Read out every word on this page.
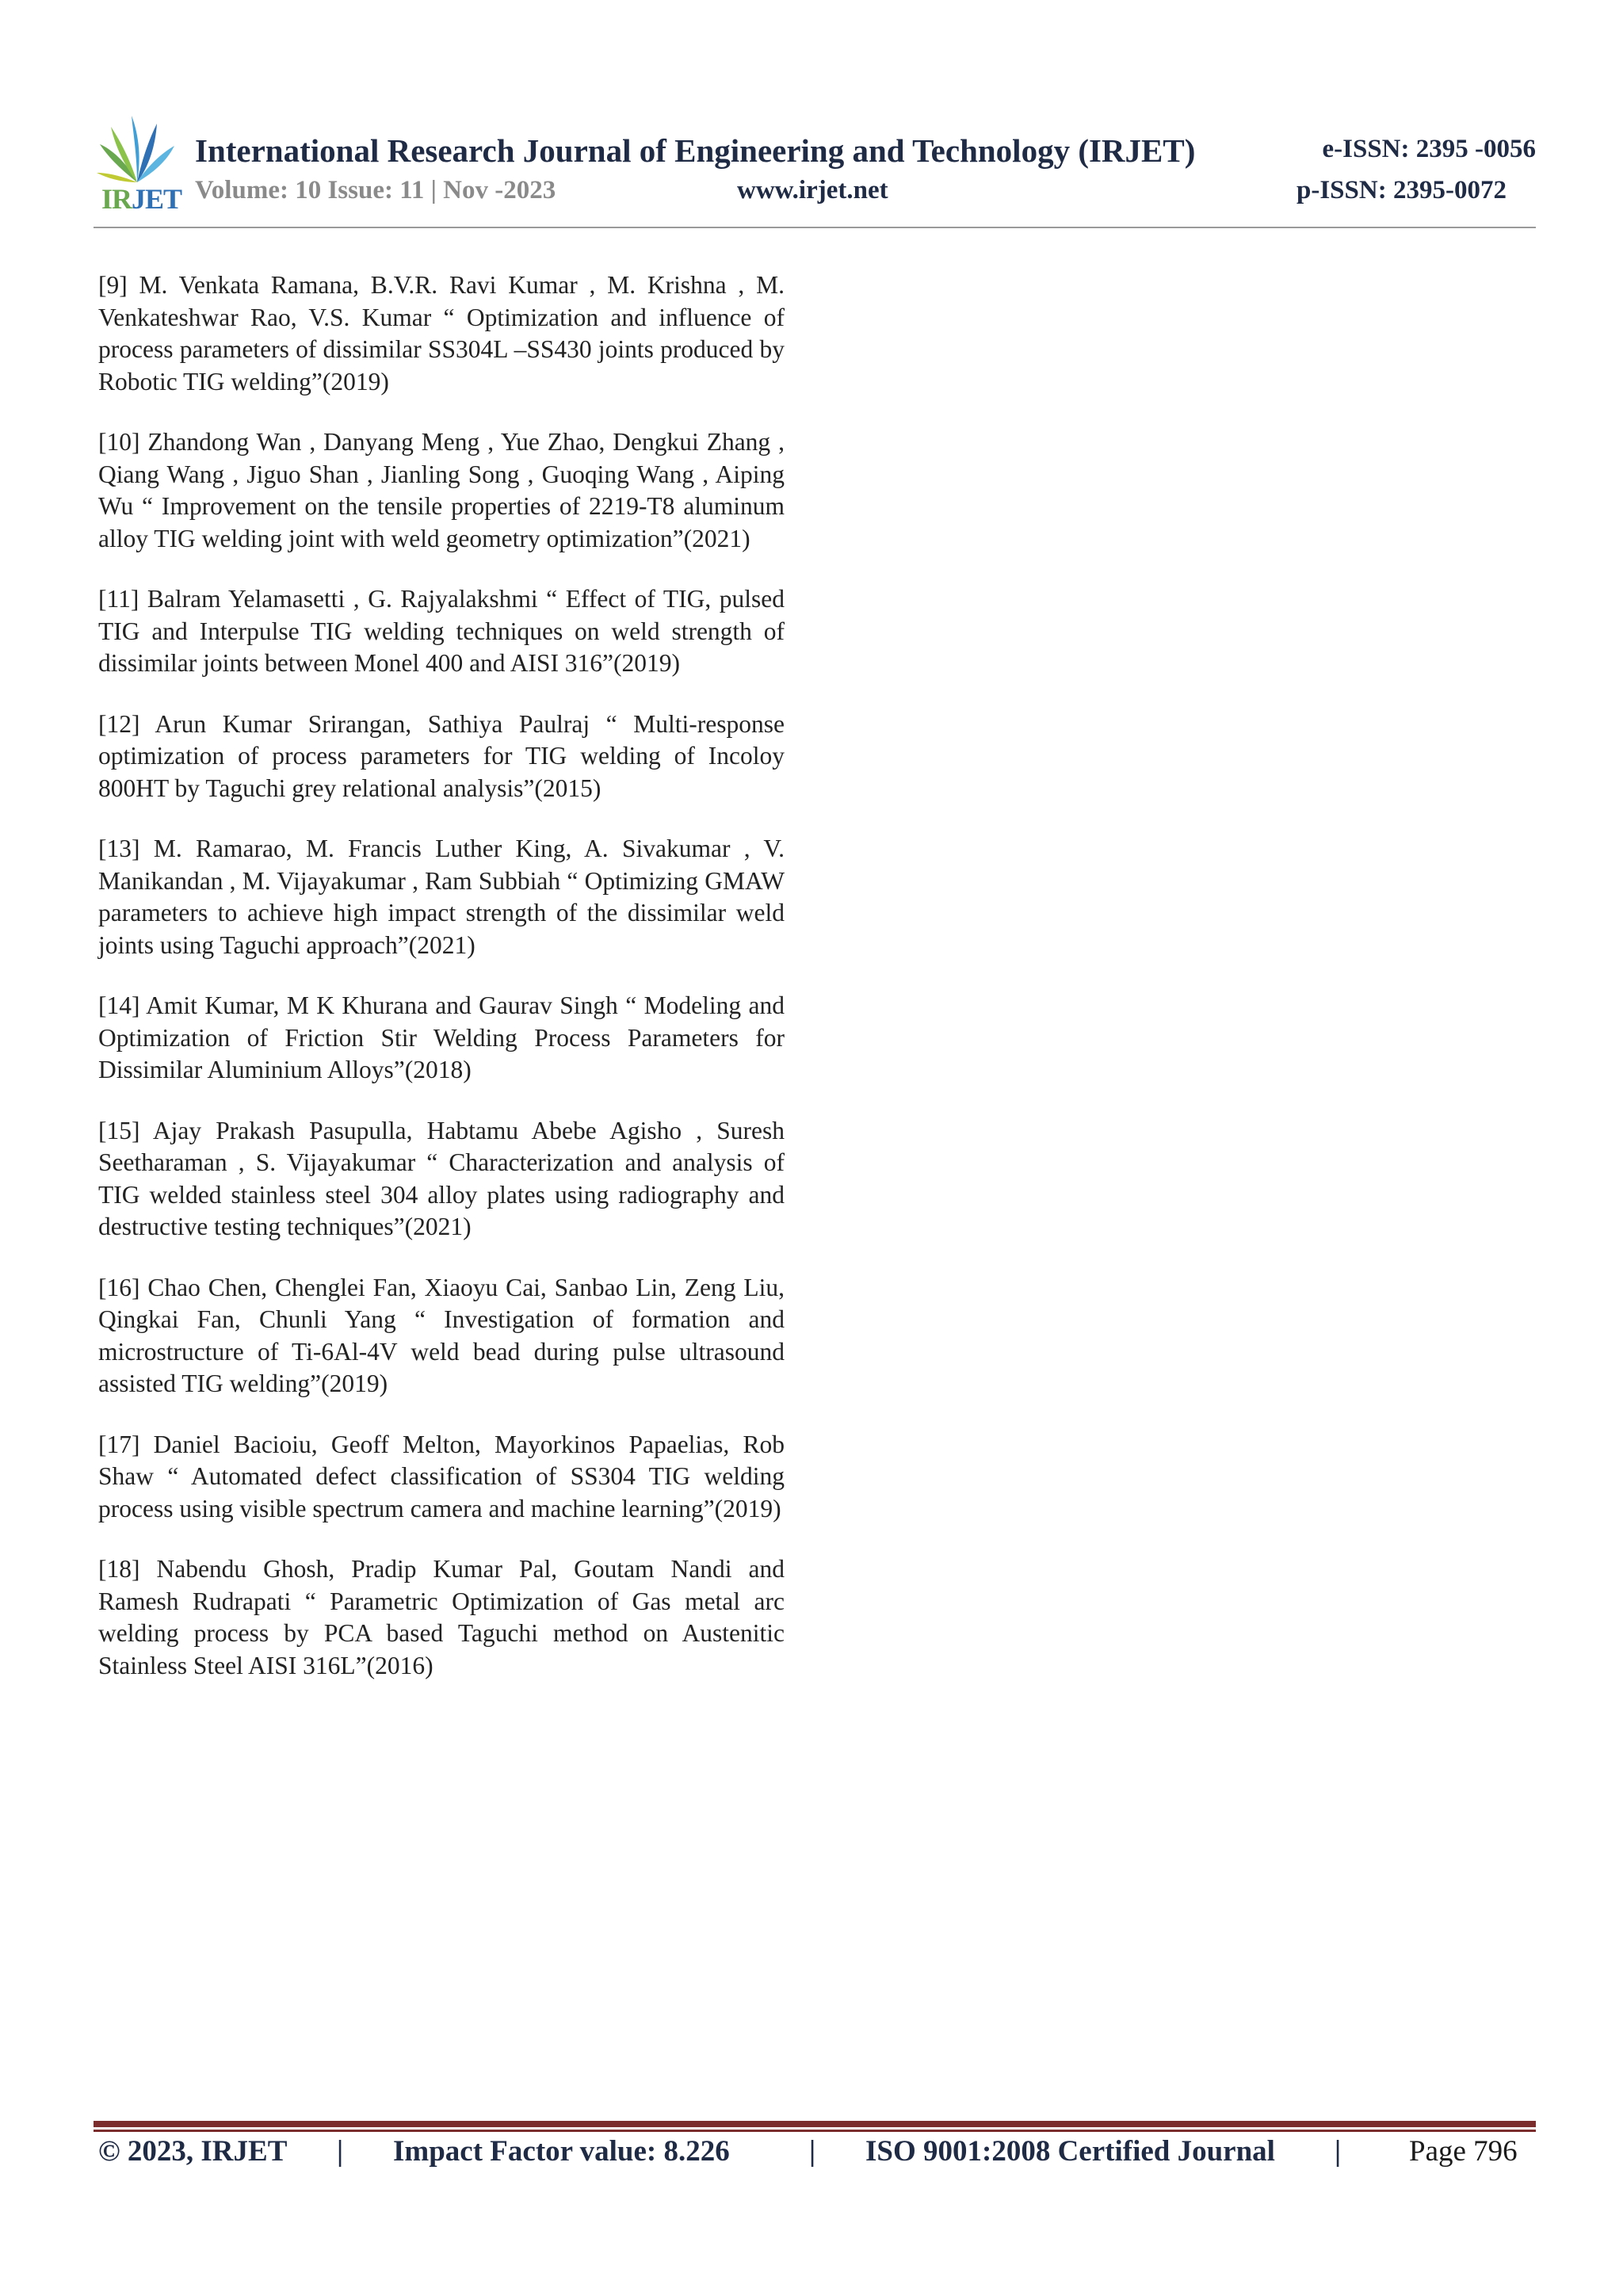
IRJET
International Research Journal of Engineering and Technology (IRJET)
Volume: 10 Issue: 11 | Nov -2023	www.irjet.net
e-ISSN: 2395 -0056
p-ISSN: 2395-0072

[9] M. Venkata Ramana, B.V.R. Ravi Kumar , M. Krishna , M. Venkateshwar Rao, V.S. Kumar “ Optimization and influence of process parameters of dissimilar SS304L –SS430 joints produced by Robotic TIG welding”(2019)

[10] Zhandong Wan , Danyang Meng , Yue Zhao, Dengkui Zhang , Qiang Wang , Jiguo Shan , Jianling Song , Guoqing Wang , Aiping Wu “ Improvement on the tensile properties of 2219-T8 aluminum alloy TIG welding joint with weld geometry optimization”(2021)

[11] Balram Yelamasetti , G. Rajyalakshmi “ Effect of TIG, pulsed TIG and Interpulse TIG welding techniques on weld strength of dissimilar joints between Monel 400 and AISI 316”(2019)

[12] Arun Kumar Srirangan, Sathiya Paulraj “ Multi-response optimization of process parameters for TIG welding of Incoloy 800HT by Taguchi grey relational analysis”(2015)

[13] M. Ramarao, M. Francis Luther King, A. Sivakumar , V. Manikandan , M. Vijayakumar , Ram Subbiah “ Optimizing GMAW parameters to achieve high impact strength of the dissimilar weld joints using Taguchi approach”(2021)

[14] Amit Kumar, M K Khurana and Gaurav Singh “ Modeling and Optimization of Friction Stir Welding Process Parameters for Dissimilar Aluminium Alloys”(2018)

[15] Ajay Prakash Pasupulla, Habtamu Abebe Agisho , Suresh Seetharaman , S. Vijayakumar “ Characterization and analysis of TIG welded stainless steel 304 alloy plates using radiography and destructive testing techniques”(2021)

[16] Chao Chen, Chenglei Fan, Xiaoyu Cai, Sanbao Lin, Zeng Liu, Qingkai Fan, Chunli Yang “ Investigation of formation and microstructure of Ti-6Al-4V weld bead during pulse ultrasound assisted TIG welding”(2019)

[17] Daniel Bacioiu, Geoff Melton, Mayorkinos Papaelias, Rob Shaw “ Automated defect classification of SS304 TIG welding process using visible spectrum camera and machine learning”(2019)

[18] Nabendu Ghosh, Pradip Kumar Pal, Goutam Nandi and Ramesh Rudrapati “ Parametric Optimization of Gas metal arc welding process by PCA based Taguchi method on Austenitic Stainless Steel AISI 316L”(2016)

© 2023, IRJET | Impact Factor value: 8.226	| ISO 9001:2008 Certified Journal | Page 796
